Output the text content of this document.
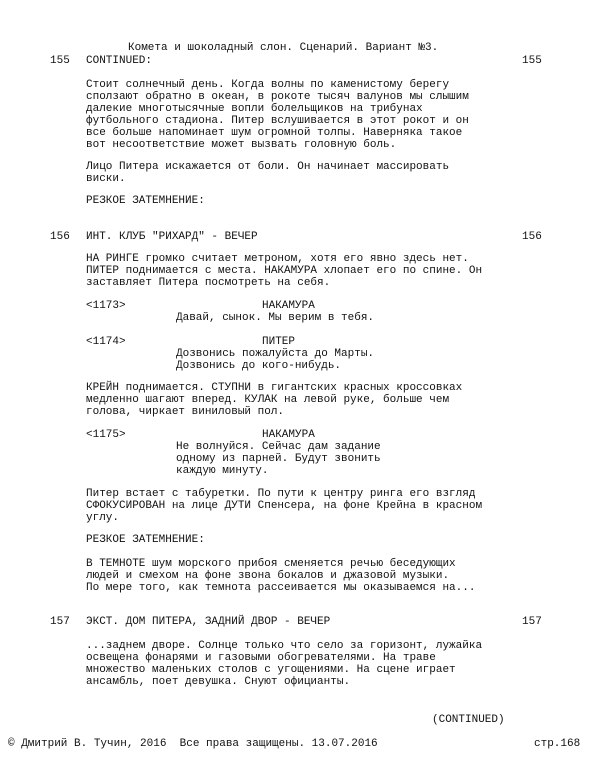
Комета и шоколадный слон. Сценарий. Вариант №3.
155 CONTINUED:	155
Стоит солнечный день. Когда волны по каменистому берегу
сползают обратно в океан, в рокоте тысяч валунов мы слышим
далекие многотысячные вопли болельщиков на трибунах
футбольного стадиона. Питер вслушивается в этот рокот и он
все больше напоминает шум огромной толпы. Наверняка такое
вот несоответствие может вызвать головную боль.
Лицо Питера искажается от боли. Он начинает массировать
виски.
РЕЗКОЕ ЗАТЕМНЕНИЕ:
156 ИНТ. КЛУБ "РИХАРД" - ВЕЧЕР	156
НА РИНГЕ громко считает метроном, хотя его явно здесь нет.
ПИТЕР поднимается с места. НАКАМУРА хлопает его по спине. Он
заставляет Питера посмотреть на себя.
<1173>	НАКАМУРА
Давай, сынок. Мы верим в тебя.
<1174>	ПИТЕР
Дозвонись пожалуйста до Марты.
Дозвонись до кого-нибудь.
КРЕЙН поднимается. СТУПНИ в гигантских красных кроссовках
медленно шагают вперед. КУЛАК на левой руке, больше чем
голова, чиркает виниловый пол.
<1175>	НАКАМУРА
Не волнуйся. Сейчас дам задание
одному из парней. Будут звонить
каждую минуту.
Питер встает с табуретки. По пути к центру ринга его взгляд
СФОКУСИРОВАН на лице ДУТИ Спенсера, на фоне Крейна в красном
углу.
РЕЗКОЕ ЗАТЕМНЕНИЕ:
В ТЕМНОТЕ шум морского прибоя сменяется речью беседующих
людей и смехом на фоне звона бокалов и джазовой музыки.
По мере того, как темнота рассеивается мы оказываемся на...
157 ЭКСТ. ДОМ ПИТЕРА, ЗАДНИЙ ДВОР - ВЕЧЕР	157
...заднем дворе. Солнце только что село за горизонт, лужайка
освещена фонарями и газовыми обогревателями. На траве
множество маленьких столов с угощениями. На сцене играет
ансамбль, поет девушка. Снуют официанты.
(CONTINUED)
© Дмитрий В. Тучин, 2016  Все права защищены. 13.07.2016	стр.168
